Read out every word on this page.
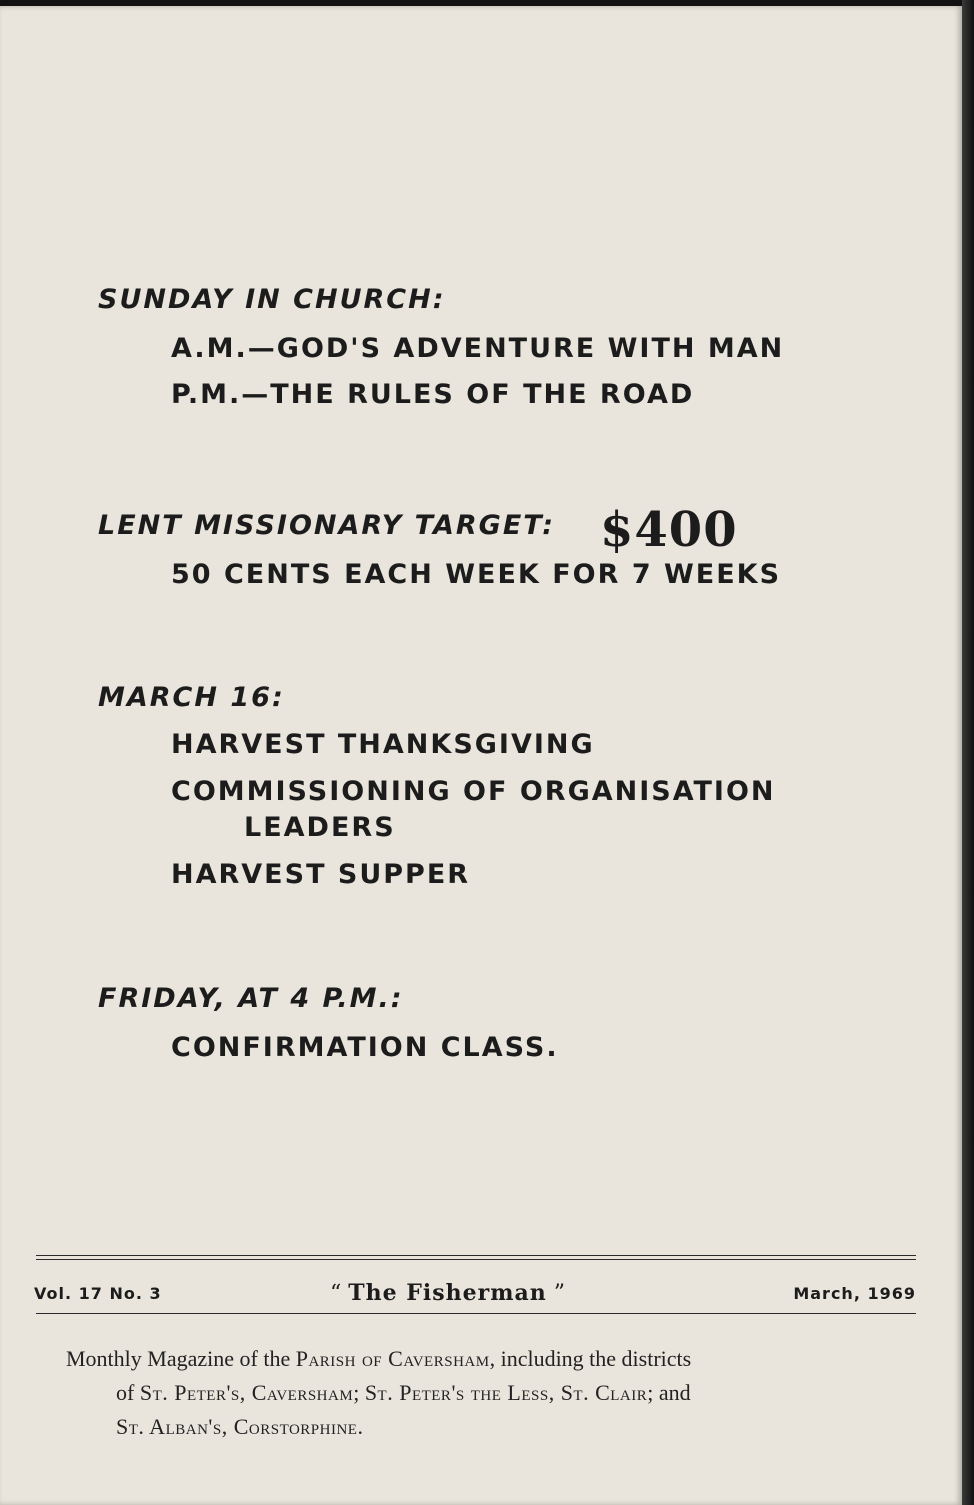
SUNDAY IN CHURCH:
A.M.—GOD'S ADVENTURE WITH MAN
P.M.—THE RULES OF THE ROAD
LENT MISSIONARY TARGET: $400
50 CENTS EACH WEEK FOR 7 WEEKS
MARCH 16:
HARVEST THANKSGIVING
COMMISSIONING OF ORGANISATION
LEADERS
HARVEST SUPPER
FRIDAY, AT 4 P.M.:
CONFIRMATION CLASS.
Vol. 17 No. 3	“ The Fisherman ”	March, 1969
Monthly Magazine of the Parish of Caversham, including the districts
of St. Peter's, Caversham; St. Peter's the Less, St. Clair; and
St. Alban's, Corstorphine.
